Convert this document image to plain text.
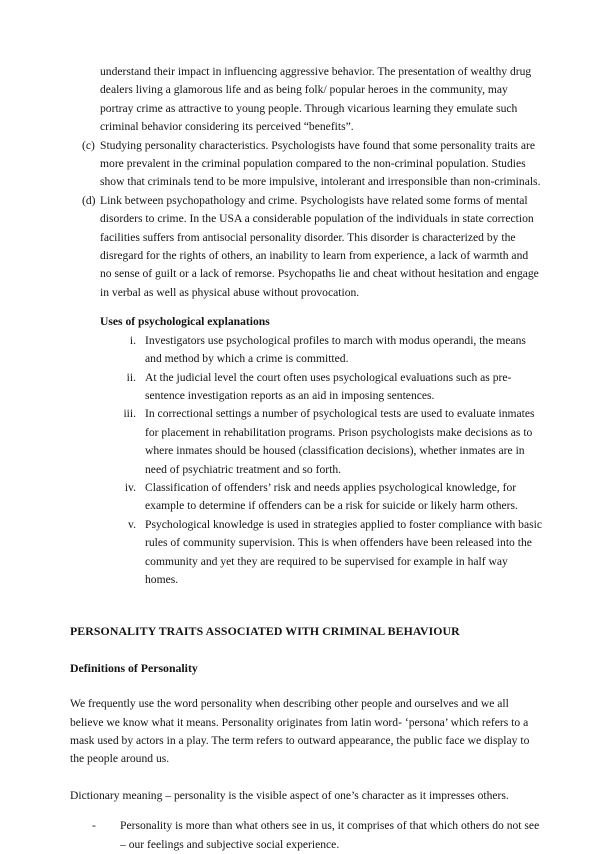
understand their impact in influencing aggressive behavior. The presentation of wealthy drug dealers living a glamorous life and as being folk/ popular heroes in the community, may portray crime as attractive to young people. Through vicarious learning they emulate such criminal behavior considering its perceived “benefits”.

(c) Studying personality characteristics. Psychologists have found that some personality traits are more prevalent in the criminal population compared to the non-criminal population. Studies show that criminals tend to be more impulsive, intolerant and irresponsible than non-criminals.
(d) Link between psychopathology and crime. Psychologists have related some forms of mental disorders to crime. In the USA a considerable population of the individuals in state correction facilities suffers from antisocial personality disorder. This disorder is characterized by the disregard for the rights of others, an inability to learn from experience, a lack of warmth and no sense of guilt or a lack of remorse. Psychopaths lie and cheat without hesitation and engage in verbal as well as physical abuse without provocation.
Uses of psychological explanations
i. Investigators use psychological profiles to march with modus operandi, the means and method by which a crime is committed.
ii. At the judicial level the court often uses psychological evaluations such as pre-sentence investigation reports as an aid in imposing sentences.
iii. In correctional settings a number of psychological tests are used to evaluate inmates for placement in rehabilitation programs. Prison psychologists make decisions as to where inmates should be housed (classification decisions), whether inmates are in need of psychiatric treatment and so forth.
iv. Classification of offenders’ risk and needs applies psychological knowledge, for example to determine if offenders can be a risk for suicide or likely harm others.
v. Psychological knowledge is used in strategies applied to foster compliance with basic rules of community supervision. This is when offenders have been released into the community and yet they are required to be supervised for example in half way homes.
PERSONALITY TRAITS ASSOCIATED WITH CRIMINAL BEHAVIOUR
Definitions of Personality

We frequently use the word personality when describing other people and ourselves and we all believe we know what it means. Personality originates from latin word- ‘persona’ which refers to a mask used by actors in a play. The term refers to outward appearance, the public face we display to the people around us.

Dictionary meaning – personality is the visible aspect of one’s character as it impresses others.

-	Personality is more than what others see in us, it comprises of that which others do not see – our feelings and subjective social experience.
